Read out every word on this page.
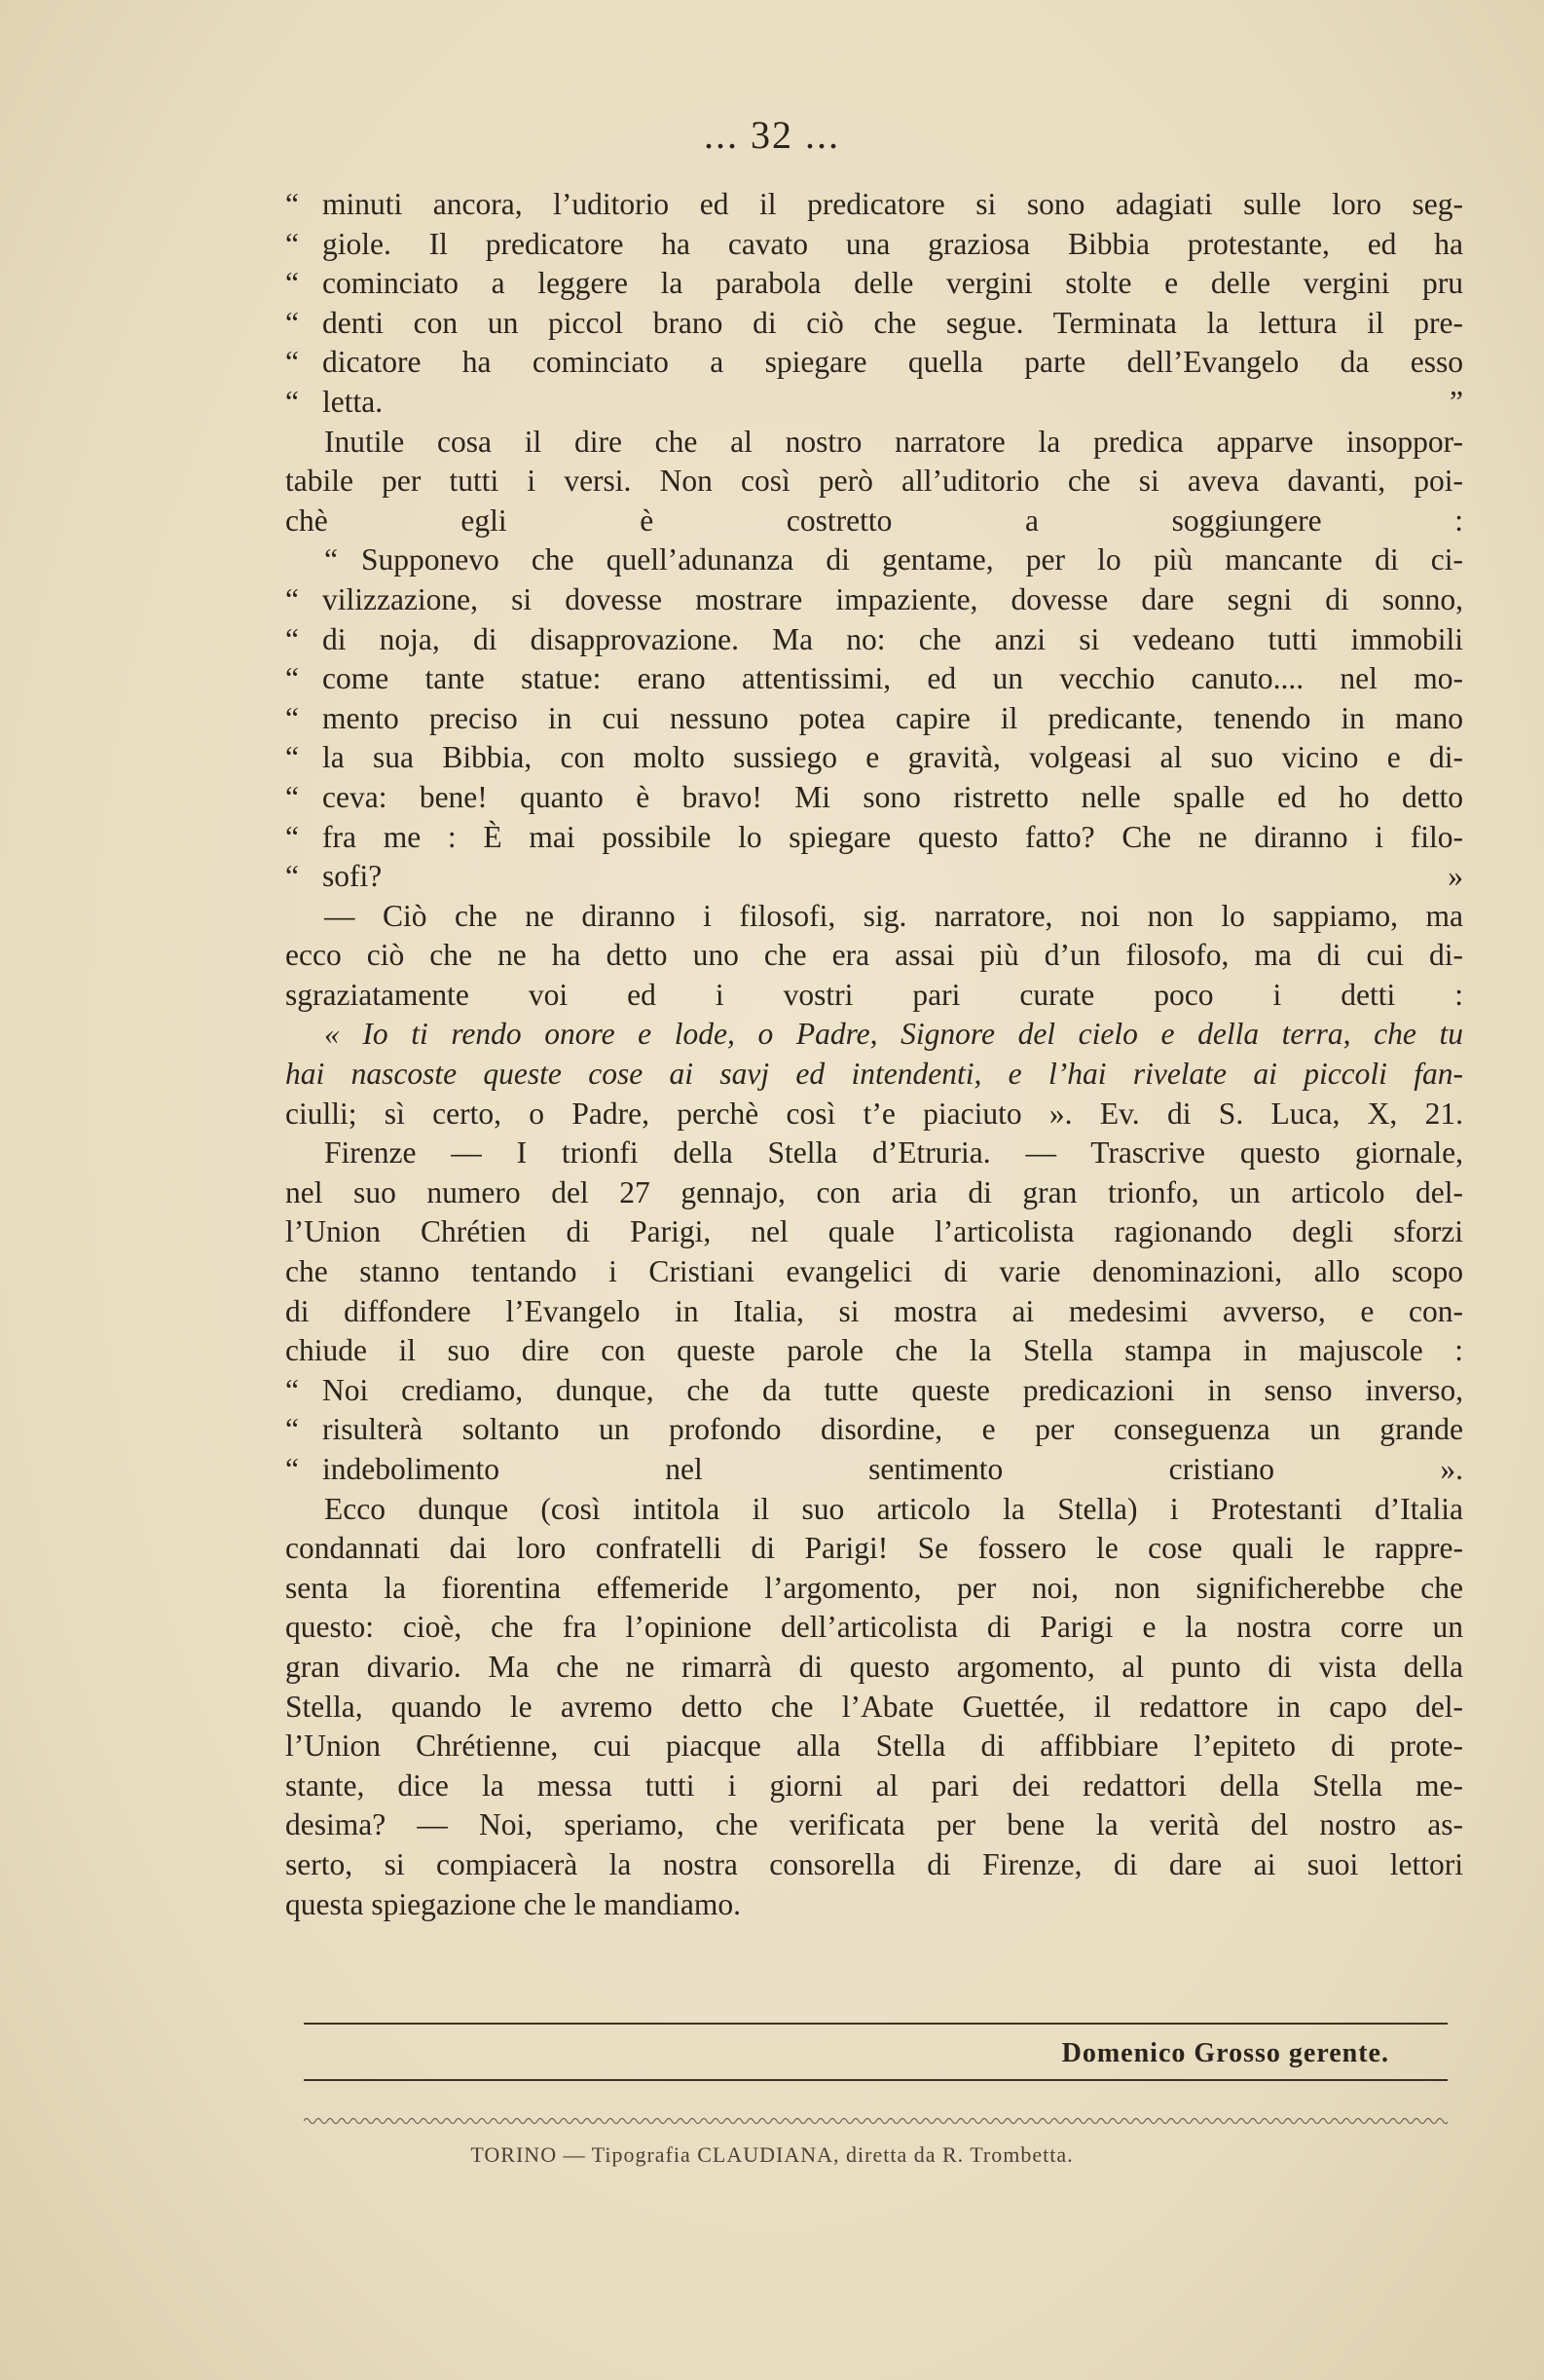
... 32 ...
“ minuti ancora, l’uditorio ed il predicatore si sono adagiati sulle loro seg-
“ giole. Il predicatore ha cavato una graziosa Bibbia protestante, ed ha
“ cominciato a leggere la parabola delle vergini stolte e delle vergini pru
“ denti con un piccol brano di ciò che segue. Terminata la lettura il pre-
“ dicatore ha cominciato a spiegare quella parte dell’Evangelo da esso
“ letta. ”
Inutile cosa il dire che al nostro narratore la predica apparve insoppor-
tabile per tutti i versi. Non così però all’uditorio che si aveva davanti, poi-
chè egli è costretto a soggiungere :
“ Supponevo che quell’adunanza di gentame, per lo più mancante di ci-
“ vilizzazione, si dovesse mostrare impaziente, dovesse dare segni di sonno,
“ di noja, di disapprovazione. Ma no: che anzi si vedeano tutti immobili
“ come tante statue: erano attentissimi, ed un vecchio canuto.... nel mo-
“ mento preciso in cui nessuno potea capire il predicante, tenendo in mano
“ la sua Bibbia, con molto sussiego e gravità, volgeasi al suo vicino e di-
“ ceva: bene! quanto è bravo! Mi sono ristretto nelle spalle ed ho detto
“ fra me : È mai possibile lo spiegare questo fatto? Che ne diranno i filo-
“ sofi? »
— Ciò che ne diranno i filosofi, sig. narratore, noi non lo sappiamo, ma
ecco ciò che ne ha detto uno che era assai più d’un filosofo, ma di cui di-
sgraziatamente voi ed i vostri pari curate poco i detti :
« Io ti rendo onore e lode, o Padre, Signore del cielo e della terra, che tu
hai nascoste queste cose ai savj ed intendenti, e l’hai rivelate ai piccoli fan-
ciulli; sì certo, o Padre, perchè così t’e piaciuto ». Ev. di S. Luca, X, 21.
Firenze — I trionfi della Stella d’Etruria. — Trascrive questo giornale,
nel suo numero del 27 gennajo, con aria di gran trionfo, un articolo del-
l’Union Chrétien di Parigi, nel quale l’articolista ragionando degli sforzi
che stanno tentando i Cristiani evangelici di varie denominazioni, allo scopo
di diffondere l’Evangelo in Italia, si mostra ai medesimi avverso, e con-
chiude il suo dire con queste parole che la Stella stampa in majuscole :
“ Noi crediamo, dunque, che da tutte queste predicazioni in senso inverso,
“ risulterà soltanto un profondo disordine, e per conseguenza un grande
“ indebolimento nel sentimento cristiano ».
Ecco dunque (così intitola il suo articolo la Stella) i Protestanti d’Italia
condannati dai loro confratelli di Parigi! Se fossero le cose quali le rappre-
senta la fiorentina effemeride l’argomento, per noi, non significherebbe che
questo: cioè, che fra l’opinione dell’articolista di Parigi e la nostra corre un
gran divario. Ma che ne rimarrà di questo argomento, al punto di vista della
Stella, quando le avremo detto che l’Abate Guettée, il redattore in capo del-
l’Union Chrétienne, cui piacque alla Stella di affibbiare l’epiteto di prote-
stante, dice la messa tutti i giorni al pari dei redattori della Stella me-
desima? — Noi, speriamo, che verificata per bene la verità del nostro as-
serto, si compiacerà la nostra consorella di Firenze, di dare ai suoi lettori
questa spiegazione che le mandiamo.
Domenico Grosso gerente.
TORINO — Tipografia CLAUDIANA, diretta da R. Trombetta.
